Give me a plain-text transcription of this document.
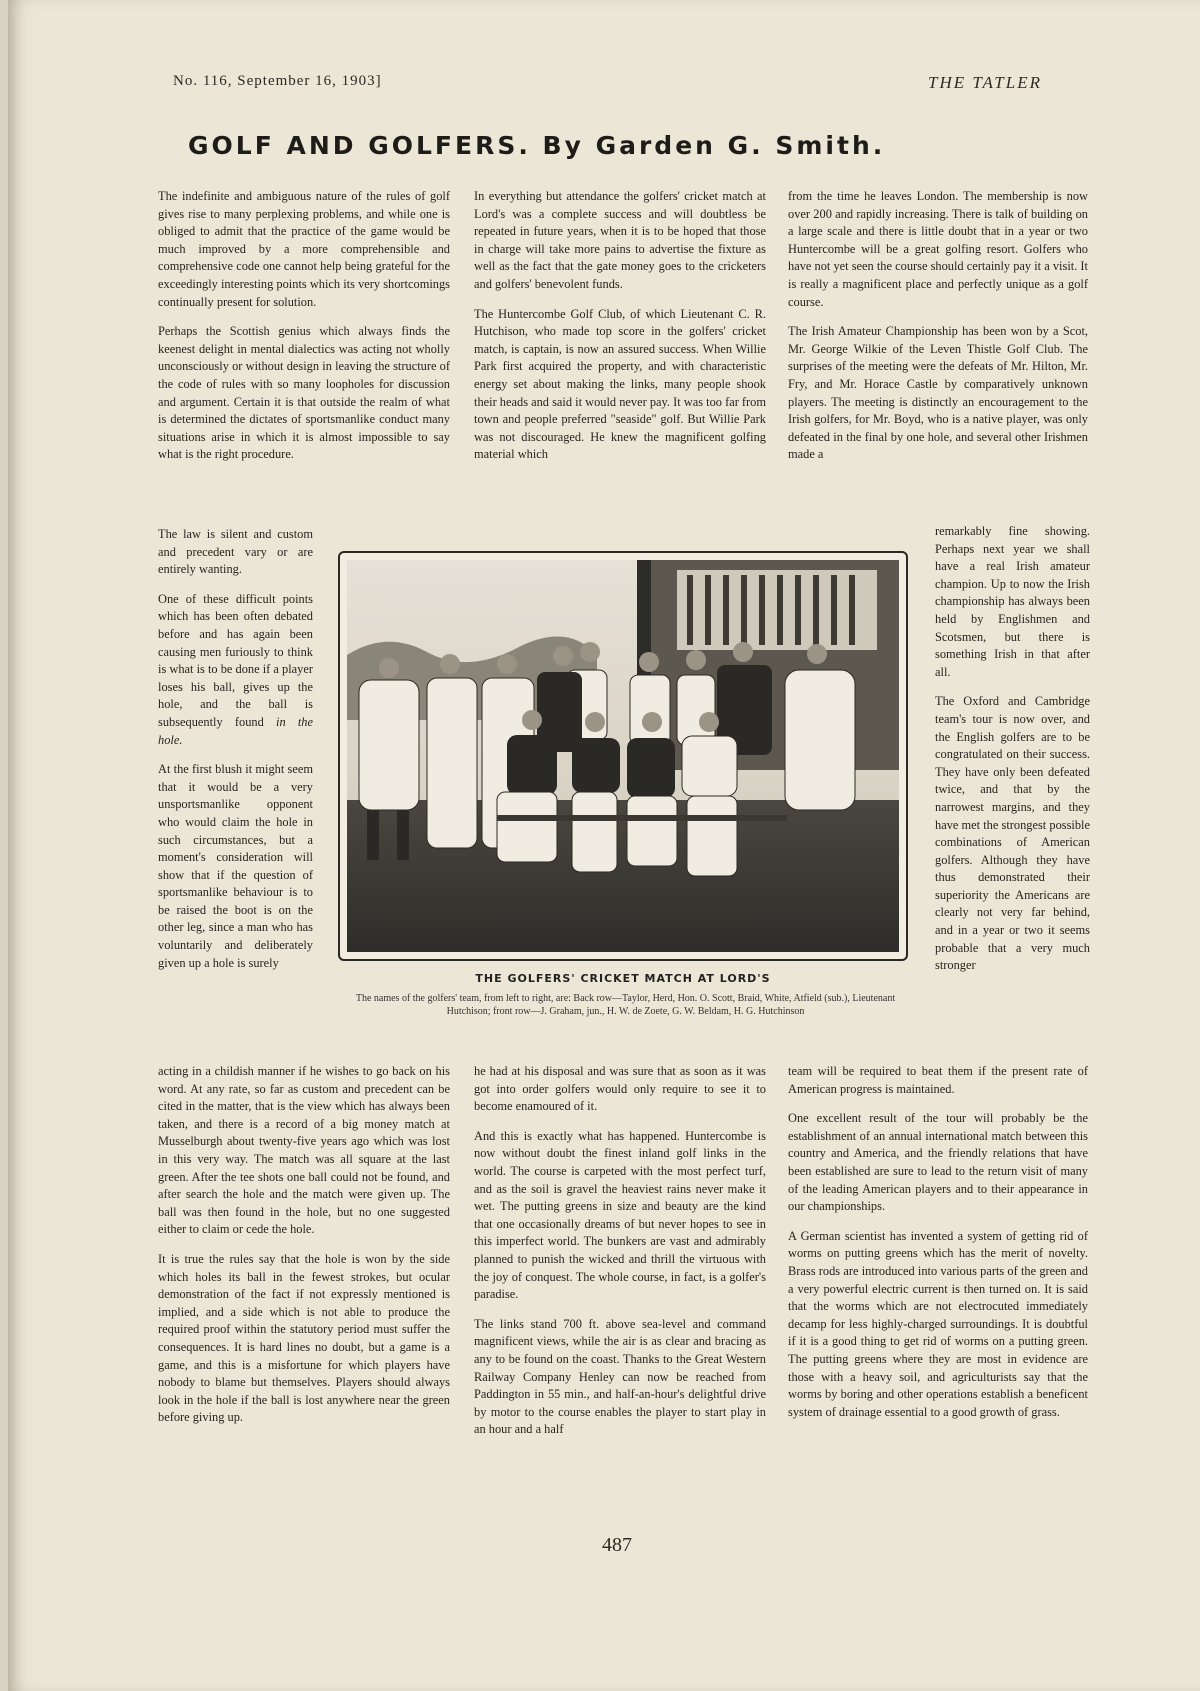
No. 116, September 16, 1903]	THE TATLER
GOLF AND GOLFERS. By Garden G. Smith.

The indefinite and ambiguous nature of the rules of golf gives rise to many perplexing problems, and while one is obliged to admit that the practice of the game would be much improved by a more comprehensible and comprehensive code one cannot help being grateful for the exceedingly interesting points which its very shortcomings continually present for solution.

Perhaps the Scottish genius which always finds the keenest delight in mental dialectics was acting not wholly unconsciously or without design in leaving the structure of the code of rules with so many loopholes for discussion and argument. Certain it is that outside the realm of what is determined the dictates of sportsmanlike conduct many situations arise in which it is almost impossible to say what is the right procedure.

The law is silent and custom and precedent vary or are entirely wanting.

One of these difficult points which has been often debated before and has again been causing men furiously to think is what is to be done if a player loses his ball, gives up the hole, and the ball is subsequently found in the hole.

At the first blush it might seem that it would be a very unsportsmanlike opponent who would claim the hole in such circumstances, but a moment's consideration will show that if the question of sportsmanlike behaviour is to be raised the boot is on the other leg, since a man who has voluntarily and deliberately given up a hole is surely

acting in a childish manner if he wishes to go back on his word. At any rate, so far as custom and precedent can be cited in the matter, that is the view which has always been taken, and there is a record of a big money match at Musselburgh about twenty-five years ago which was lost in this very way. The match was all square at the last green. After the tee shots one ball could not be found, and after search the hole and the match were given up. The ball was then found in the hole, but no one suggested either to claim or cede the hole.

It is true the rules say that the hole is won by the side which holes its ball in the fewest strokes, but ocular demonstration of the fact if not expressly mentioned is implied, and a side which is not able to produce the required proof within the statutory period must suffer the consequences. It is hard lines no doubt, but a game is a game, and this is a misfortune for which players have nobody to blame but themselves. Players should always look in the hole if the ball is lost anywhere near the green before giving up.

In everything but attendance the golfers' cricket match at Lord's was a complete success and will doubtless be repeated in future years, when it is to be hoped that those in charge will take more pains to advertise the fixture as well as the fact that the gate money goes to the cricketers and golfers' benevolent funds.

The Huntercombe Golf Club, of which Lieutenant C. R. Hutchison, who made top score in the golfers' cricket match, is captain, is now an assured success. When Willie Park first acquired the property, and with characteristic energy set about making the links, many people shook their heads and said it would never pay. It was too far from town and people preferred "seaside" golf. But Willie Park was not discouraged. He knew the magnificent golfing material which

he had at his disposal and was sure that as soon as it was got into order golfers would only require to see it to become enamoured of it.

And this is exactly what has happened. Huntercombe is now without doubt the finest inland golf links in the world. The course is carpeted with the most perfect turf, and as the soil is gravel the heaviest rains never make it wet. The putting greens in size and beauty are the kind that one occasionally dreams of but never hopes to see in this imperfect world. The bunkers are vast and admirably planned to punish the wicked and thrill the virtuous with the joy of conquest. The whole course, in fact, is a golfer's paradise.

The links stand 700 ft. above sea-level and command magnificent views, while the air is as clear and bracing as any to be found on the coast. Thanks to the Great Western Railway Company Henley can now be reached from Paddington in 55 min., and half-an-hour's delightful drive by motor to the course enables the player to start play in an hour and a half

from the time he leaves London. The membership is now over 200 and rapidly increasing. There is talk of building on a large scale and there is little doubt that in a year or two Huntercombe will be a great golfing resort. Golfers who have not yet seen the course should certainly pay it a visit. It is really a magnificent place and perfectly unique as a golf course.

The Irish Amateur Championship has been won by a Scot, Mr. George Wilkie of the Leven Thistle Golf Club. The surprises of the meeting were the defeats of Mr. Hilton, Mr. Fry, and Mr. Horace Castle by comparatively unknown players. The meeting is distinctly an encouragement to the Irish golfers, for Mr. Boyd, who is a native player, was only defeated in the final by one hole, and several other Irishmen made a

remarkably fine showing. Perhaps next year we shall have a real Irish amateur champion. Up to now the Irish championship has always been held by Englishmen and Scotsmen, but there is something Irish in that after all.

The Oxford and Cambridge team's tour is now over, and the English golfers are to be congratulated on their success. They have only been defeated twice, and that by the narrowest margins, and they have met the strongest possible combinations of American golfers. Although they have thus demonstrated their superiority the Americans are clearly not very far behind, and in a year or two it seems probable that a very much stronger

team will be required to beat them if the present rate of American progress is maintained.

One excellent result of the tour will probably be the establishment of an annual international match between this country and America, and the friendly relations that have been established are sure to lead to the return visit of many of the leading American players and to their appearance in our championships.

A German scientist has invented a system of getting rid of worms on putting greens which has the merit of novelty. Brass rods are introduced into various parts of the green and a very powerful electric current is then turned on. It is said that the worms which are not electrocuted immediately decamp for less highly-charged surroundings. It is doubtful if it is a good thing to get rid of worms on a putting green. The putting greens where they are most in evidence are those with a heavy soil, and agriculturists say that the worms by boring and other operations establish a beneficent system of drainage essential to a good growth of grass.

THE GOLFERS' CRICKET MATCH AT LORD'S
The names of the golfers' team, from left to right, are: Back row—Taylor, Herd, Hon. O. Scott, Braid, White, Atfield (sub.), Lieutenant Hutchison; front row—J. Graham, jun., H. W. de Zoete, G. W. Beldam, H. G. Hutchinson
487
